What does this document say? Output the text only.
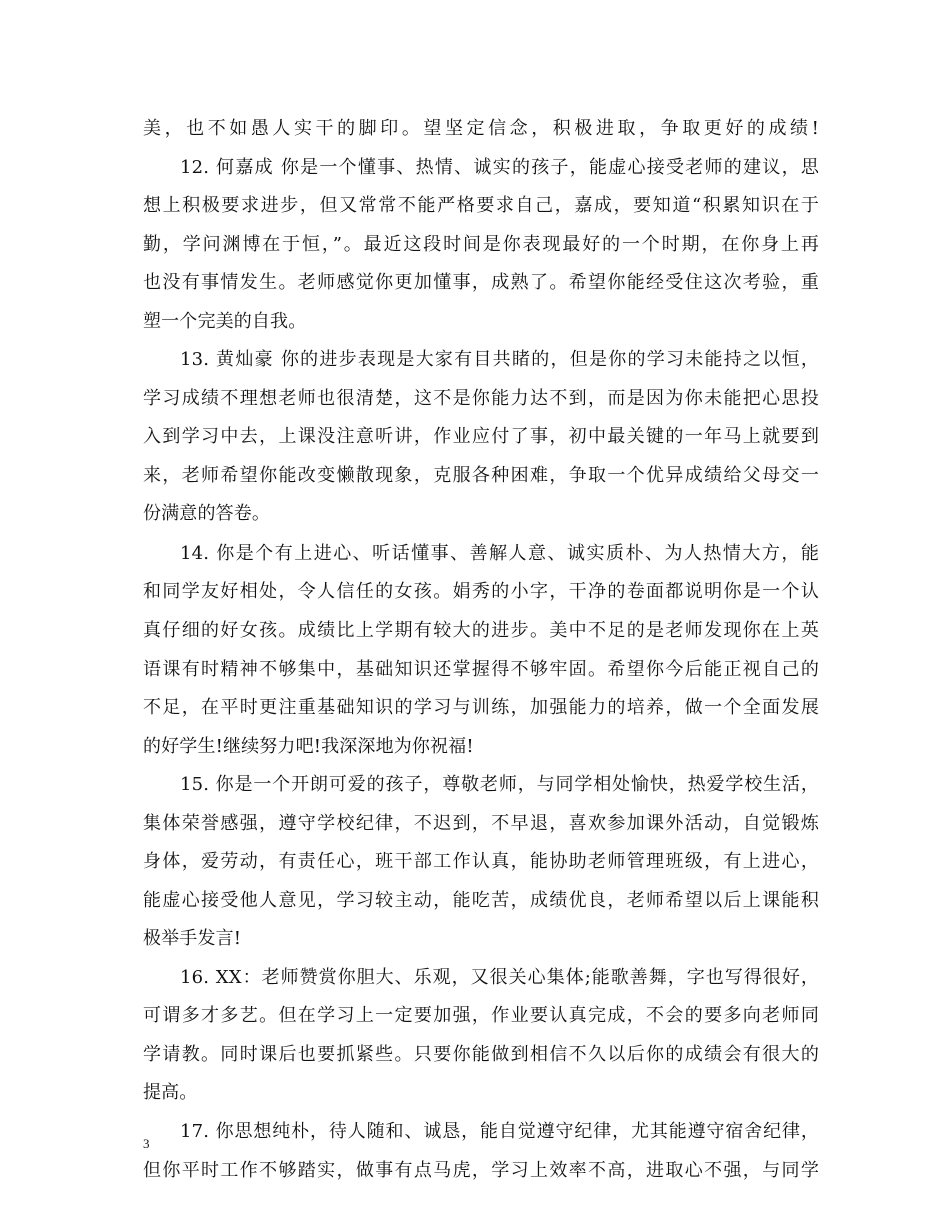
美，也不如愚人实干的脚印。望坚定信念，积极进取，争取更好的成绩!
12. 何嘉成 你是一个懂事、热情、诚实的孩子，能虚心接受老师的建议，思
想上积极要求进步，但又常常不能严格要求自己，嘉成，要知道“积累知识在于
勤，学问渊博在于恒，”。最近这段时间是你表现最好的一个时期，在你身上再
也没有事情发生。老师感觉你更加懂事，成熟了。希望你能经受住这次考验，重
塑一个完美的自我。
13. 黄灿豪 你的进步表现是大家有目共睹的，但是你的学习未能持之以恒，
学习成绩不理想老师也很清楚，这不是你能力达不到，而是因为你未能把心思投
入到学习中去，上课没注意听讲，作业应付了事，初中最关键的一年马上就要到
来，老师希望你能改变懒散现象，克服各种困难，争取一个优异成绩给父母交一
份满意的答卷。
14. 你是个有上进心、听话懂事、善解人意、诚实质朴、为人热情大方，能
和同学友好相处，令人信任的女孩。娟秀的小字，干净的卷面都说明你是一个认
真仔细的好女孩。成绩比上学期有较大的进步。美中不足的是老师发现你在上英
语课有时精神不够集中，基础知识还掌握得不够牢固。希望你今后能正视自己的
不足，在平时更注重基础知识的学习与训练，加强能力的培养，做一个全面发展
的好学生!继续努力吧!我深深地为你祝福!
15. 你是一个开朗可爱的孩子，尊敬老师，与同学相处愉快，热爱学校生活，
集体荣誉感强，遵守学校纪律，不迟到，不早退，喜欢参加课外活动，自觉锻炼
身体，爱劳动，有责任心，班干部工作认真，能协助老师管理班级，有上进心，
能虚心接受他人意见，学习较主动，能吃苦，成绩优良，老师希望以后上课能积
极举手发言!
16. XX：老师赞赏你胆大、乐观，又很关心集体;能歌善舞，字也写得很好，
可谓多才多艺。但在学习上一定要加强，作业要认真完成，不会的要多向老师同
学请教。同时课后也要抓紧些。只要你能做到相信不久以后你的成绩会有很大的
提高。
17. 你思想纯朴，待人随和、诚恳，能自觉遵守纪律，尤其能遵守宿舍纪律，
但你平时工作不够踏实，做事有点马虎，学习上效率不高，进取心不强，与同学
3
